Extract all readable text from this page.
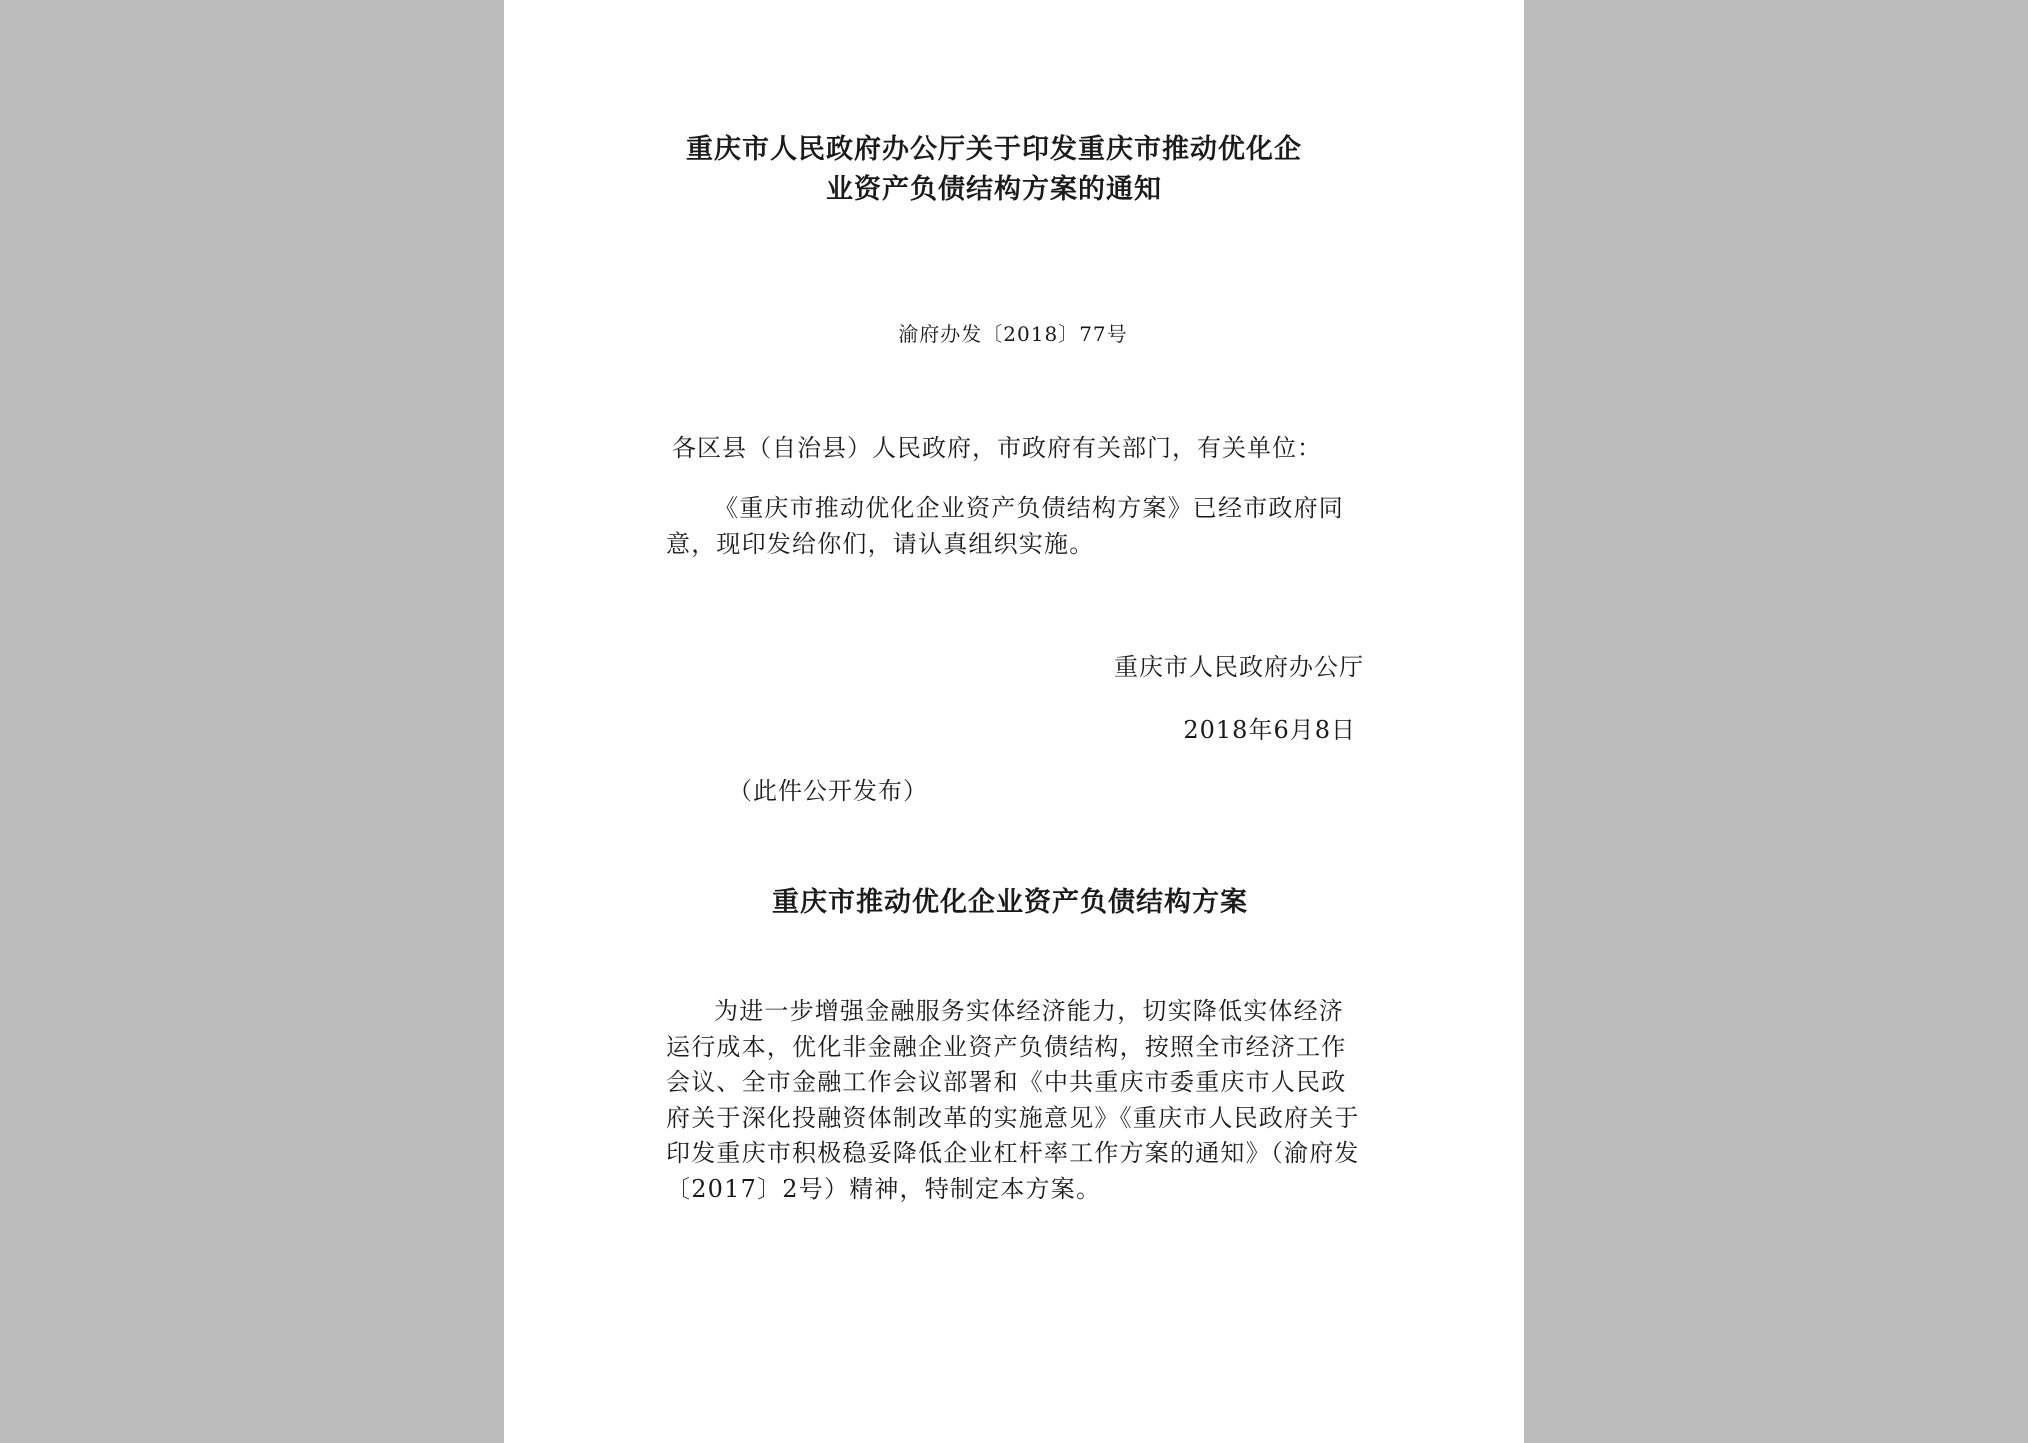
重庆市人民政府办公厅关于印发重庆市推动优化企
业资产负债结构方案的通知
渝府办发〔2018〕77号
各区县（自治县）人民政府，市政府有关部门，有关单位：

《重庆市推动优化企业资产负债结构方案》已经市政府同意，现印发给你们，请认真组织实施。

重庆市人民政府办公厅
2018年6月8日
（此件公开发布）
重庆市推动优化企业资产负债结构方案

为进一步增强金融服务实体经济能力，切实降低实体经济运行成本，优化非金融企业资产负债结构，按照全市经济工作会议、全市金融工作会议部署和《中共重庆市委重庆市人民政府关于深化投融资体制改革的实施意见》《重庆市人民政府关于印发重庆市积极稳妥降低企业杠杆率工作方案的通知》（渝府发〔2017〕2号）精神，特制定本方案。
